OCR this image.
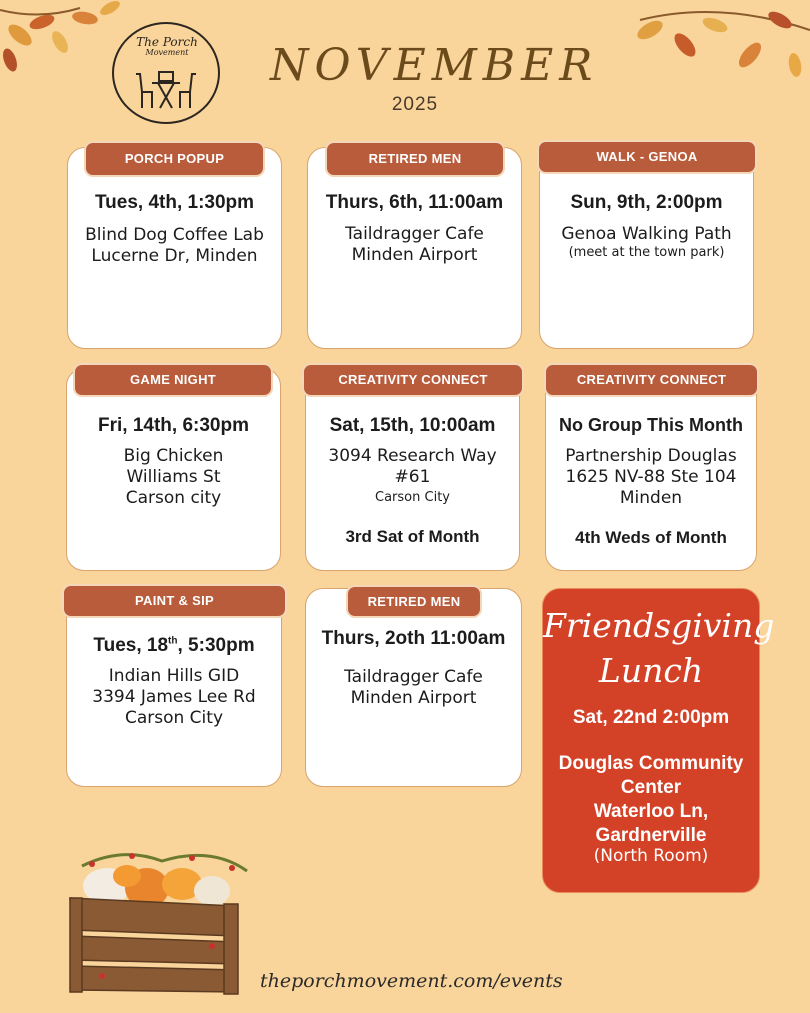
The Porch
Movement	NOVEMBER
2025
Tues, 4th, 1:30pm
Blind Dog Coffee Lab
Lucerne Dr, Minden
PORCH POPUP
Thurs, 6th, 11:00am
Taildragger Cafe
Minden Airport
RETIRED MEN
Sun, 9th, 2:00pm
Genoa Walking Path
(meet at the town park)
WALK - GENOA
Fri, 14th, 6:30pm
Big Chicken
Williams St
Carson city
GAME NIGHT
Sat, 15th, 10:00am
3094 Research Way
#61
Carson City
3rd Sat of Month
CREATIVITY CONNECT
No Group This Month
Partnership Douglas
1625 NV-88 Ste 104
Minden
4th Weds of Month
CREATIVITY CONNECT
Tues, 18th, 5:30pm
Indian Hills GID
3394 James Lee Rd
Carson City
PAINT & SIP
Thurs, 2oth 11:00am
Taildragger Cafe
Minden Airport
RETIRED MEN
Friendsgiving
Lunch
Sat, 22nd 2:00pm
Douglas Community
Center
Waterloo Ln,
Gardnerville
(North Room)
theporchmovement.com/events
